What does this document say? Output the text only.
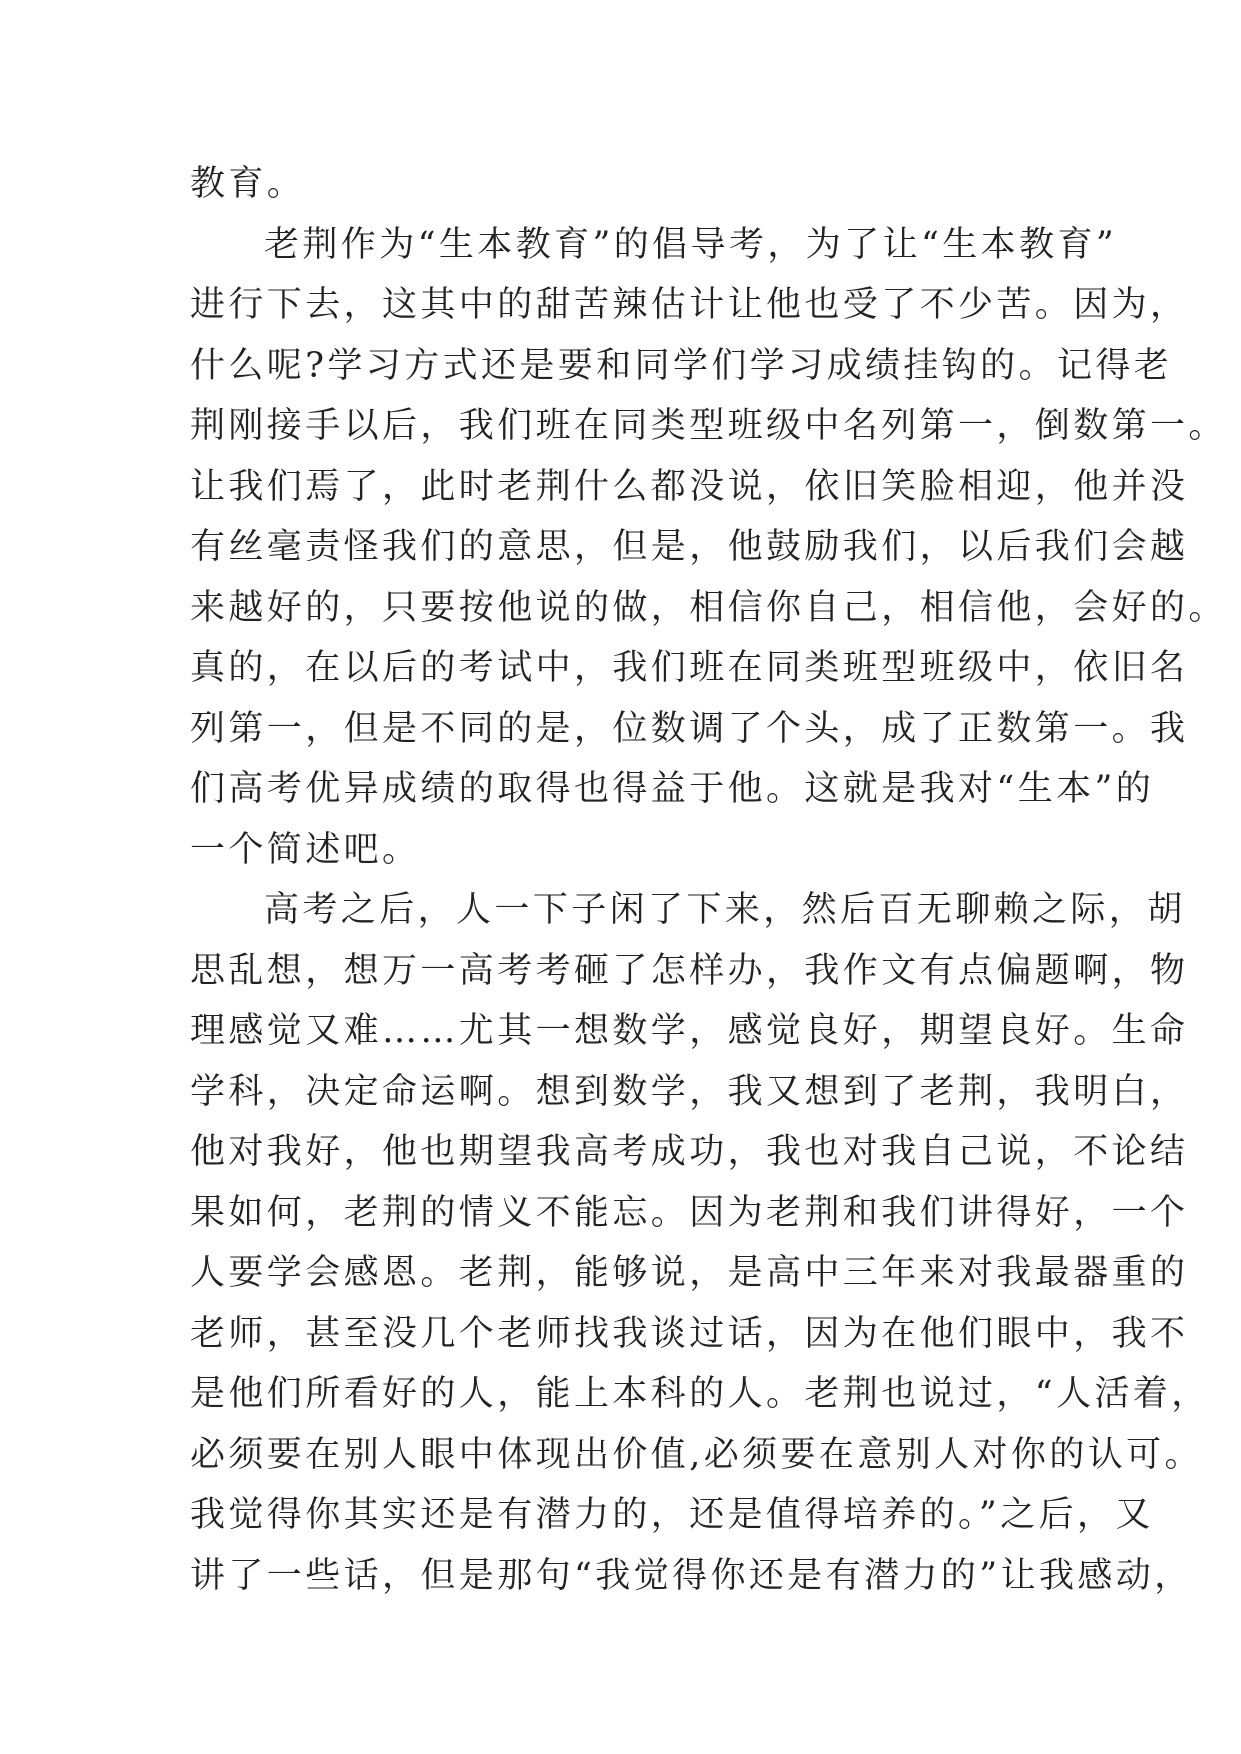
教育。
老荆作为“生本教育”的倡导考，为了让“生本教育”
进行下去，这其中的甜苦辣估计让他也受了不少苦。因为，
什么呢?学习方式还是要和同学们学习成绩挂钩的。记得老
荆刚接手以后，我们班在同类型班级中名列第一，倒数第一。
让我们焉了，此时老荆什么都没说，依旧笑脸相迎，他并没
有丝毫责怪我们的意思，但是，他鼓励我们，以后我们会越
来越好的，只要按他说的做，相信你自己，相信他，会好的。
真的，在以后的考试中，我们班在同类班型班级中，依旧名
列第一，但是不同的是，位数调了个头，成了正数第一。我
们高考优异成绩的取得也得益于他。这就是我对“生本”的
一个简述吧。
高考之后，人一下子闲了下来，然后百无聊赖之际，胡
思乱想，想万一高考考砸了怎样办，我作文有点偏题啊，物
理感觉又难……尤其一想数学，感觉良好，期望良好。生命
学科，决定命运啊。想到数学，我又想到了老荆，我明白，
他对我好，他也期望我高考成功，我也对我自己说，不论结
果如何，老荆的情义不能忘。因为老荆和我们讲得好，一个
人要学会感恩。老荆，能够说，是高中三年来对我最器重的
老师，甚至没几个老师找我谈过话，因为在他们眼中，我不
是他们所看好的人，能上本科的人。老荆也说过，“人活着，
必须要在别人眼中体现出价值,必须要在意别人对你的认可。
我觉得你其实还是有潜力的，还是值得培养的。”之后，又
讲了一些话，但是那句“我觉得你还是有潜力的”让我感动，
